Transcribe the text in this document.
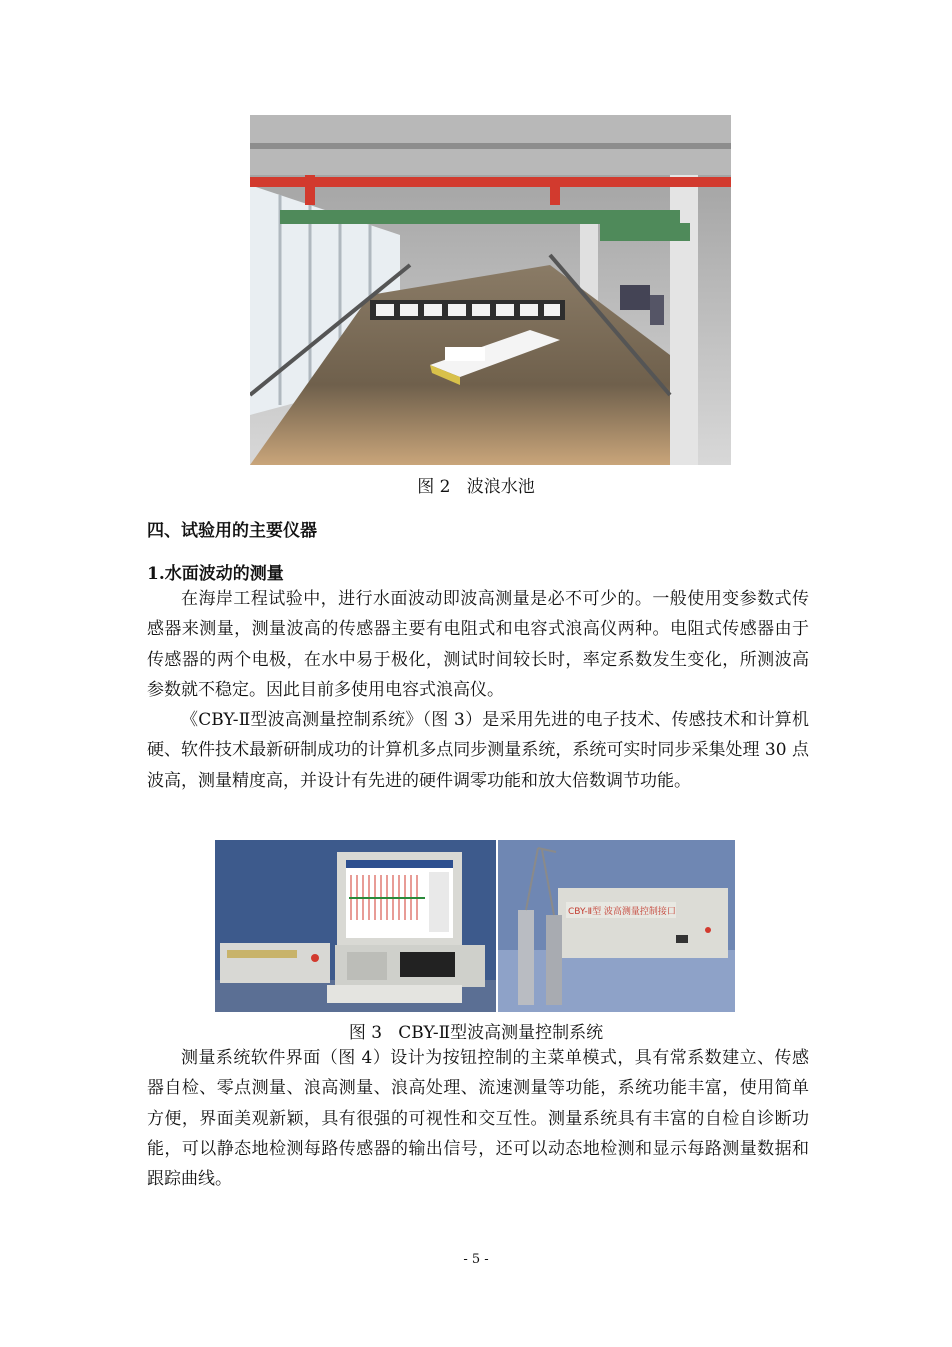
图 2   波浪水池
四、试验用的主要仪器
1.水面波动的测量

在海岸工程试验中，进行水面波动即波高测量是必不可少的。一般使用变参数式传感器来测量，测量波高的传感器主要有电阻式和电容式浪高仪两种。电阻式传感器由于传感器的两个电极，在水中易于极化，测试时间较长时，率定系数发生变化，所测波高参数就不稳定。因此目前多使用电容式浪高仪。

《CBY-Ⅱ型波高测量控制系统》（图 3）是采用先进的电子技术、传感技术和计算机硬、软件技术最新研制成功的计算机多点同步测量系统，系统可实时同步采集处理 30 点波高，测量精度高，并设计有先进的硬件调零功能和放大倍数调节功能。

CBY-Ⅱ型 波高测量控制接口
图 3   CBY-Ⅱ型波高测量控制系统

测量系统软件界面（图 4）设计为按钮控制的主菜单模式，具有常系数建立、传感器自检、零点测量、浪高测量、浪高处理、流速测量等功能，系统功能丰富，使用简单方便，界面美观新颖，具有很强的可视性和交互性。测量系统具有丰富的自检自诊断功能，可以静态地检测每路传感器的输出信号，还可以动态地检测和显示每路测量数据和跟踪曲线。

- 5 -
